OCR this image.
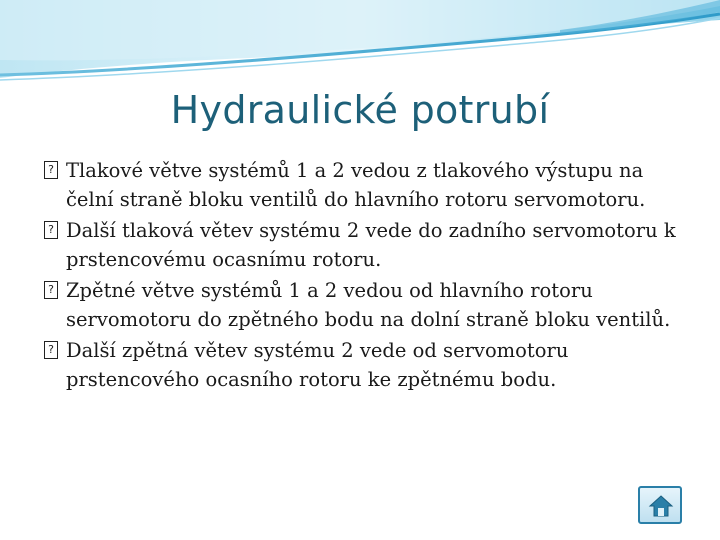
Hydraulické potrubí
? Tlakové větve systémů 1 a 2 vedou z tlakového výstupu na čelní straně bloku ventilů do hlavního rotoru servomotoru.
? Další tlaková větev systému 2 vede do zadního servomotoru k prstencovému ocasnímu rotoru.
? Zpětné větve systémů 1 a 2 vedou od hlavního rotoru servomotoru do zpětného bodu na dolní straně bloku ventilů.
? Další zpětná větev systému 2 vede od servomotoru prstencového ocasního rotoru ke zpětnému bodu.
